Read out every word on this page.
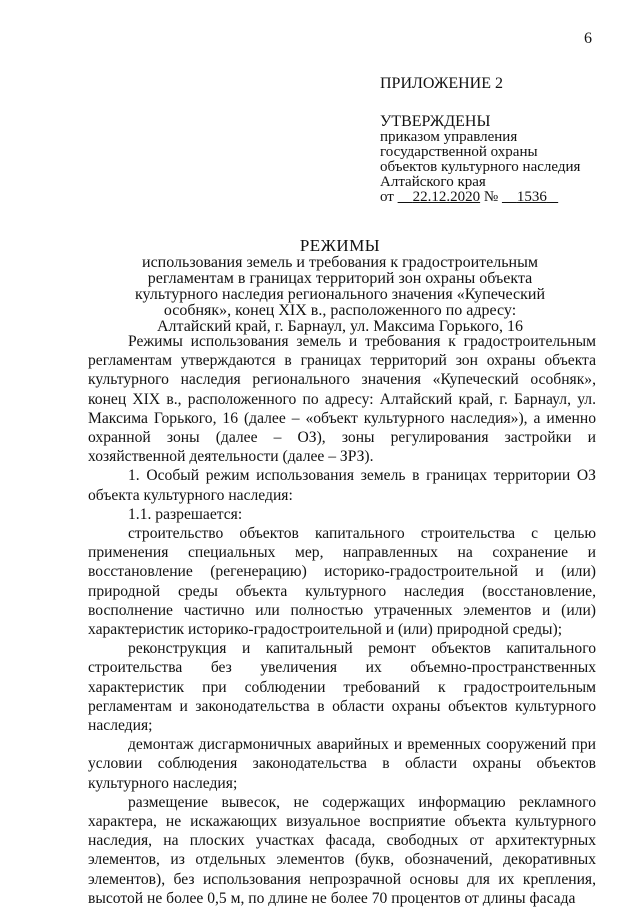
6
ПРИЛОЖЕНИЕ 2
УТВЕРЖДЕНЫ
приказом управления
государственной охраны
объектов культурного наследия
Алтайского края
от 22.12.2020 № 1536
РЕЖИМЫ
использования земель и требования к градостроительным
регламентам в границах территорий зон охраны объекта
культурного наследия регионального значения «Купеческий
особняк», конец XIX в., расположенного по адресу:
Алтайский край, г. Барнаул, ул. Максима Горького, 16

Режимы использования земель и требования к градостроительным регламентам утверждаются в границах территорий зон охраны объекта культурного наследия регионального значения «Купеческий особняк», конец XIX в., расположенного по адресу: Алтайский край, г. Барнаул, ул. Максима Горького, 16 (далее – «объект культурного наследия»), а именно охранной зоны (далее – ОЗ), зоны регулирования застройки и хозяйственной деятельности (далее – ЗРЗ).

1. Особый режим использования земель в границах территории ОЗ объекта культурного наследия:

1.1. разрешается:

строительство объектов капитального строительства с целью применения специальных мер, направленных на сохранение и восстановление (регенерацию) историко-градостроительной и (или) природной среды объекта культурного наследия (восстановление, восполнение частично или полностью утраченных элементов и (или) характеристик историко-градостроительной и (или) природной среды);

реконструкция и капитальный ремонт объектов капитального строительства без увеличения их объемно-пространственных характеристик при соблюдении требований к градостроительным регламентам и законодательства в области охраны объектов культурного наследия;

демонтаж дисгармоничных аварийных и временных сооружений при условии соблюдения законодательства в области охраны объектов культурного наследия;

размещение вывесок, не содержащих информацию рекламного характера, не искажающих визуальное восприятие объекта культурного наследия, на плоских участках фасада, свободных от архитектурных элементов, из отдельных элементов (букв, обозначений, декоративных элементов), без использования непрозрачной основы для их крепления, высотой не более 0,5 м, по длине не более 70 процентов от длины фасада
